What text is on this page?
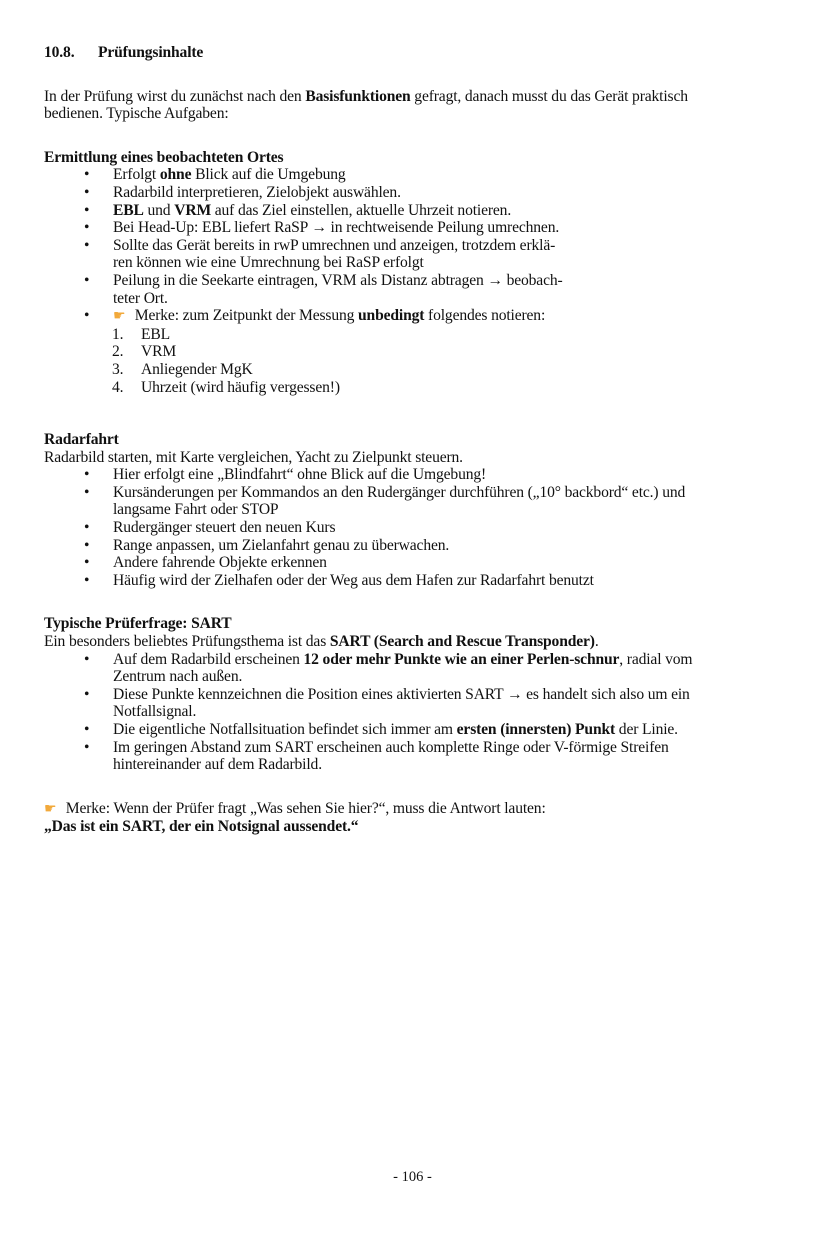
10.8. Prüfungsinhalte

In der Prüfung wirst du zunächst nach den Basisfunktionen gefragt, danach musst du das Gerät praktisch bedienen. Typische Aufgaben:

Ermittlung eines beobachteten Ortes
• Erfolgt ohne Blick auf die Umgebung
• Radarbild interpretieren, Zielobjekt auswählen.
• EBL und VRM auf das Ziel einstellen, aktuelle Uhrzeit notieren.
• Bei Head-Up: EBL liefert RaSP → in rechtweisende Peilung umrechnen.
• Sollte das Gerät bereits in rwP umrechnen und anzeigen, trotzdem erklä-
ren können wie eine Umrechnung bei RaSP erfolgt
• Peilung in die Seekarte eintragen, VRM als Distanz abtragen → beobach-
teter Ort.
• ☛ Merke: zum Zeitpunkt der Messung unbedingt folgendes notieren:
1. EBL
2. VRM
3. Anliegender MgK
4. Uhrzeit (wird häufig vergessen!)
Radarfahrt

Radarbild starten, mit Karte vergleichen, Yacht zu Zielpunkt steuern.

• Hier erfolgt eine „Blindfahrt“ ohne Blick auf die Umgebung!
• Kursänderungen per Kommandos an den Rudergänger durchführen („10° backbord“ etc.) und langsame Fahrt oder STOP
• Rudergänger steuert den neuen Kurs
• Range anpassen, um Zielanfahrt genau zu überwachen.
• Andere fahrende Objekte erkennen
• Häufig wird der Zielhafen oder der Weg aus dem Hafen zur Radarfahrt benutzt
Typische Prüferfrage: SART

Ein besonders beliebtes Prüfungsthema ist das SART (Search and Rescue Transponder).

• Auf dem Radarbild erscheinen 12 oder mehr Punkte wie an einer Perlen-schnur, radial vom Zentrum nach außen.
• Diese Punkte kennzeichnen die Position eines aktivierten SART → es handelt sich also um ein Notfallsignal.
• Die eigentliche Notfallsituation befindet sich immer am ersten (innersten) Punkt der Linie.
• Im geringen Abstand zum SART erscheinen auch komplette Ringe oder V-förmige Streifen hintereinander auf dem Radarbild.

☛ Merke: Wenn der Prüfer fragt „Was sehen Sie hier?“, muss die Antwort lauten:

„Das ist ein SART, der ein Notsignal aussendet.“

- 106 -
